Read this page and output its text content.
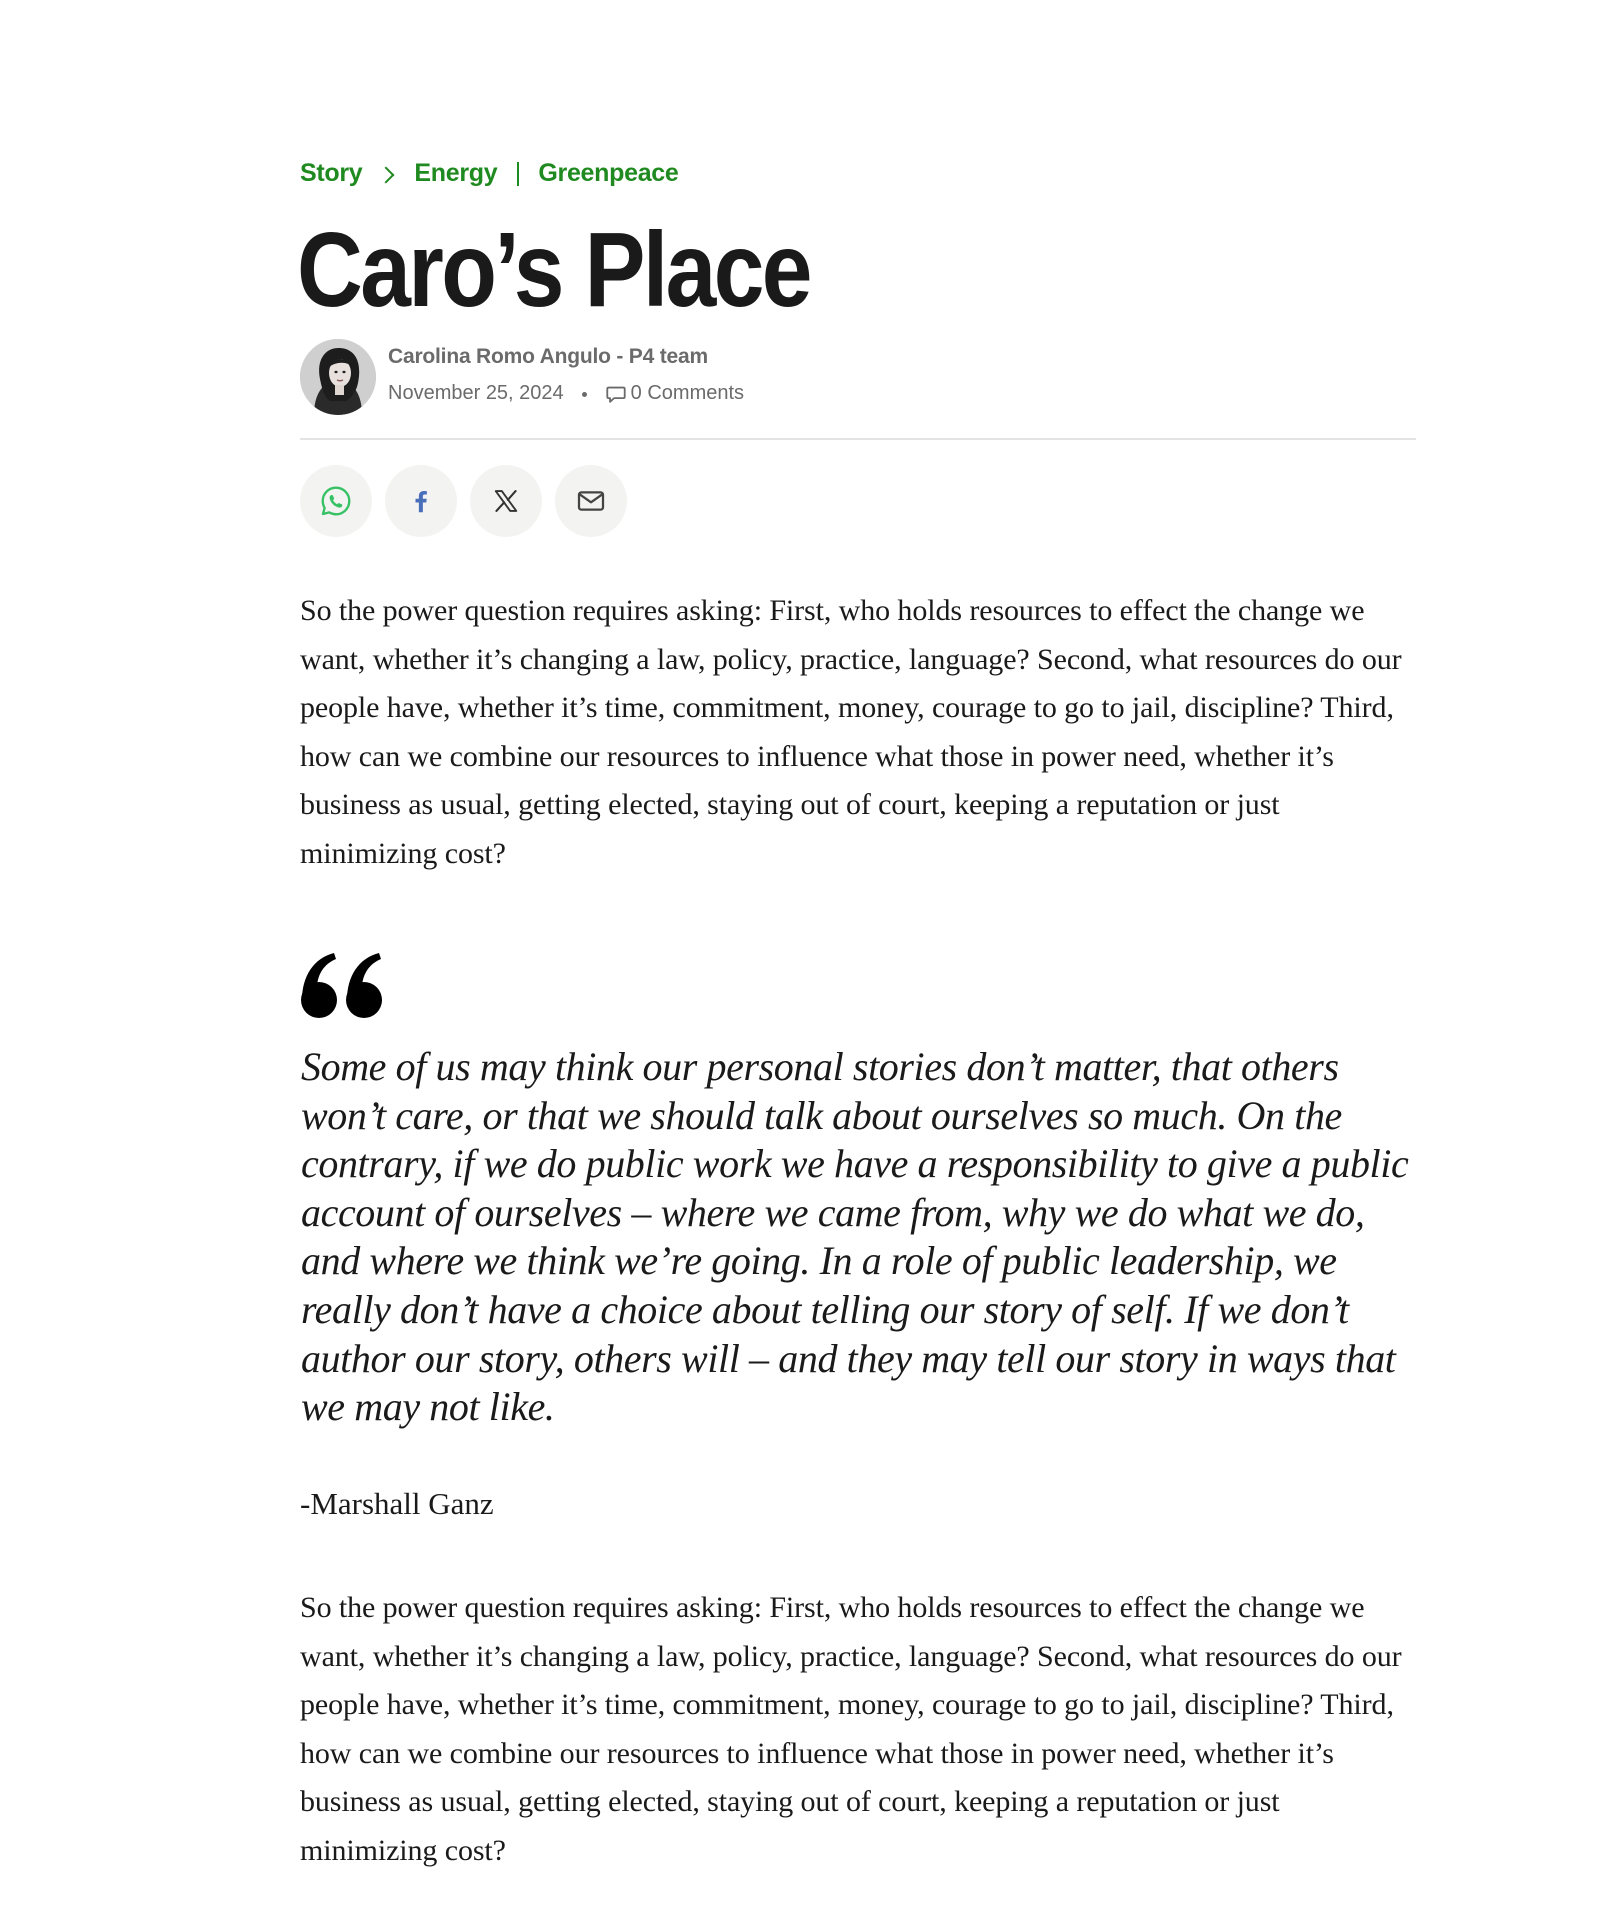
Story Energy Greenpeace
Caro’s Place
Carolina Romo Angulo - P4 team
November 25, 2024	0 Comments

So the power question requires asking: First, who holds resources to effect the change we want, whether it’s changing a law, policy, practice, language? Second, what resources do our people have, whether it’s time, commitment, money, courage to go to jail, discipline? Third, how can we combine our resources to influence what those in power need, whether it’s business as usual, getting elected, staying out of court, keeping a reputation or just minimizing cost?

Some of us may think our personal stories don’t matter, that others won’t care, or that we should talk about ourselves so much. On the contrary, if we do public work we have a responsibility to give a public account of ourselves – where we came from, why we do what we do, and where we think we’re going. In a role of public leadership, we really don’t have a choice about telling our story of self. If we don’t author our story, others will – and they may tell our story in ways that we may not like.
-Marshall Ganz

So the power question requires asking: First, who holds resources to effect the change we want, whether it’s changing a law, policy, practice, language? Second, what resources do our people have, whether it’s time, commitment, money, courage to go to jail, discipline? Third, how can we combine our resources to influence what those in power need, whether it’s business as usual, getting elected, staying out of court, keeping a reputation or just minimizing cost?
